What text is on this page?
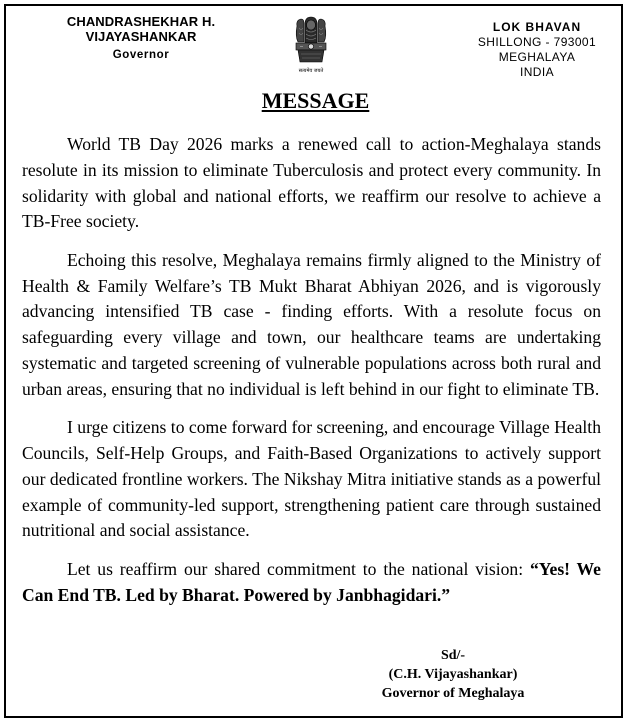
CHANDRASHEKHAR H. VIJAYASHANKAR
Governor
सत्यमेव जयते
LOK BHAVAN
SHILLONG - 793001
MEGHALAYA
INDIA
MESSAGE

World TB Day 2026 marks a renewed call to action-Meghalaya stands resolute in its mission to eliminate Tuberculosis and protect every community. In solidarity with global and national efforts, we reaffirm our resolve to achieve a TB-Free society.

Echoing this resolve, Meghalaya remains firmly aligned to the Ministry of Health & Family Welfare’s TB Mukt Bharat Abhiyan 2026, and is vigorously advancing intensified TB case - finding efforts. With a resolute focus on safeguarding every village and town, our healthcare teams are undertaking systematic and targeted screening of vulnerable populations across both rural and urban areas, ensuring that no individual is left behind in our fight to eliminate TB.

I urge citizens to come forward for screening, and encourage Village Health Councils, Self-Help Groups, and Faith-Based Organizations to actively support our dedicated frontline workers. The Nikshay Mitra initiative stands as a powerful example of community-led support, strengthening patient care through sustained nutritional and social assistance.

Let us reaffirm our shared commitment to the national vision: “Yes! We Can End TB. Led by Bharat. Powered by Janbhagidari.”

Sd/-
(C.H. Vijayashankar)
Governor of Meghalaya
